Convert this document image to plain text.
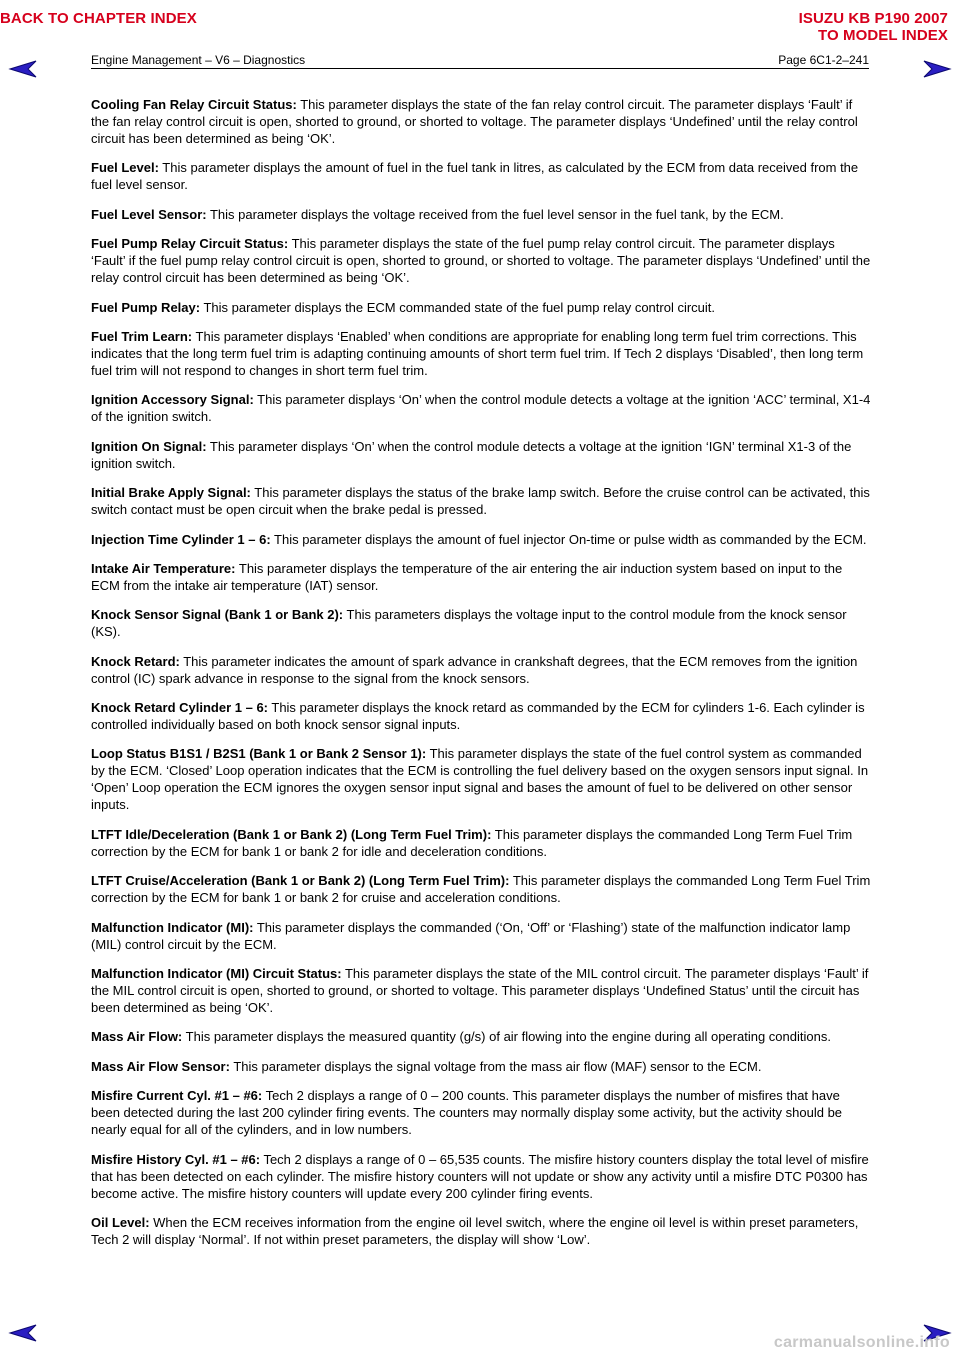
BACK TO CHAPTER INDEX	ISUZU KB P190 2007
TO MODEL INDEX
Engine Management – V6 – Diagnostics	Page 6C1-2–241

Cooling Fan Relay Circuit Status: This parameter displays the state of the fan relay control circuit. The parameter displays ‘Fault’ if the fan relay control circuit is open, shorted to ground, or shorted to voltage. The parameter displays ‘Undefined’ until the relay control circuit has been determined as being ‘OK’.

Fuel Level: This parameter displays the amount of fuel in the fuel tank in litres, as calculated by the ECM from data received from the fuel level sensor.

Fuel Level Sensor: This parameter displays the voltage received from the fuel level sensor in the fuel tank, by the ECM.

Fuel Pump Relay Circuit Status: This parameter displays the state of the fuel pump relay control circuit. The parameter displays ‘Fault’ if the fuel pump relay control circuit is open, shorted to ground, or shorted to voltage. The parameter displays ‘Undefined’ until the relay control circuit has been determined as being ‘OK’.

Fuel Pump Relay: This parameter displays the ECM commanded state of the fuel pump relay control circuit.

Fuel Trim Learn: This parameter displays ‘Enabled’ when conditions are appropriate for enabling long term fuel trim corrections. This indicates that the long term fuel trim is adapting continuing amounts of short term fuel trim. If Tech 2 displays ‘Disabled’, then long term fuel trim will not respond to changes in short term fuel trim.

Ignition Accessory Signal: This parameter displays ‘On’ when the control module detects a voltage at the ignition ‘ACC’ terminal, X1-4 of the ignition switch.

Ignition On Signal: This parameter displays ‘On’ when the control module detects a voltage at the ignition ‘IGN’ terminal X1-3 of the ignition switch.

Initial Brake Apply Signal: This parameter displays the status of the brake lamp switch. Before the cruise control can be activated, this switch contact must be open circuit when the brake pedal is pressed.

Injection Time Cylinder 1 – 6: This parameter displays the amount of fuel injector On-time or pulse width as commanded by the ECM.

Intake Air Temperature: This parameter displays the temperature of the air entering the air induction system based on input to the ECM from the intake air temperature (IAT) sensor.

Knock Sensor Signal (Bank 1 or Bank 2): This parameters displays the voltage input to the control module from the knock sensor (KS).

Knock Retard: This parameter indicates the amount of spark advance in crankshaft degrees, that the ECM removes from the ignition control (IC) spark advance in response to the signal from the knock sensors.

Knock Retard Cylinder 1 – 6: This parameter displays the knock retard as commanded by the ECM for cylinders 1-6. Each cylinder is controlled individually based on both knock sensor signal inputs.

Loop Status B1S1 / B2S1 (Bank 1 or Bank 2 Sensor 1): This parameter displays the state of the fuel control system as commanded by the ECM. ‘Closed’ Loop operation indicates that the ECM is controlling the fuel delivery based on the oxygen sensors input signal. In ‘Open’ Loop operation the ECM ignores the oxygen sensor input signal and bases the amount of fuel to be delivered on other sensor inputs.

LTFT Idle/Deceleration (Bank 1 or Bank 2) (Long Term Fuel Trim): This parameter displays the commanded Long Term Fuel Trim correction by the ECM for bank 1 or bank 2 for idle and deceleration conditions.

LTFT Cruise/Acceleration (Bank 1 or Bank 2) (Long Term Fuel Trim): This parameter displays the commanded Long Term Fuel Trim correction by the ECM for bank 1 or bank 2 for cruise and acceleration conditions.

Malfunction Indicator (MI): This parameter displays the commanded (‘On, ‘Off’ or ‘Flashing’) state of the malfunction indicator lamp (MIL) control circuit by the ECM.

Malfunction Indicator (MI) Circuit Status: This parameter displays the state of the MIL control circuit. The parameter displays ‘Fault’ if the MIL control circuit is open, shorted to ground, or shorted to voltage. This parameter displays ‘Undefined Status’ until the circuit has been determined as being ‘OK’.

Mass Air Flow: This parameter displays the measured quantity (g/s) of air flowing into the engine during all operating conditions.

Mass Air Flow Sensor: This parameter displays the signal voltage from the mass air flow (MAF) sensor to the ECM.

Misfire Current Cyl. #1 – #6: Tech 2 displays a range of 0 – 200 counts. This parameter displays the number of misfires that have been detected during the last 200 cylinder firing events. The counters may normally display some activity, but the activity should be nearly equal for all of the cylinders, and in low numbers.

Misfire History Cyl. #1 – #6: Tech 2 displays a range of 0 – 65,535 counts. The misfire history counters display the total level of misfire that has been detected on each cylinder. The misfire history counters will not update or show any activity until a misfire DTC P0300 has become active. The misfire history counters will update every 200 cylinder firing events.

Oil Level: When the ECM receives information from the engine oil level switch, where the engine oil level is within preset parameters, Tech 2 will display ‘Normal’. If not within preset parameters, the display will show ‘Low’.

carmanualsonline.info
